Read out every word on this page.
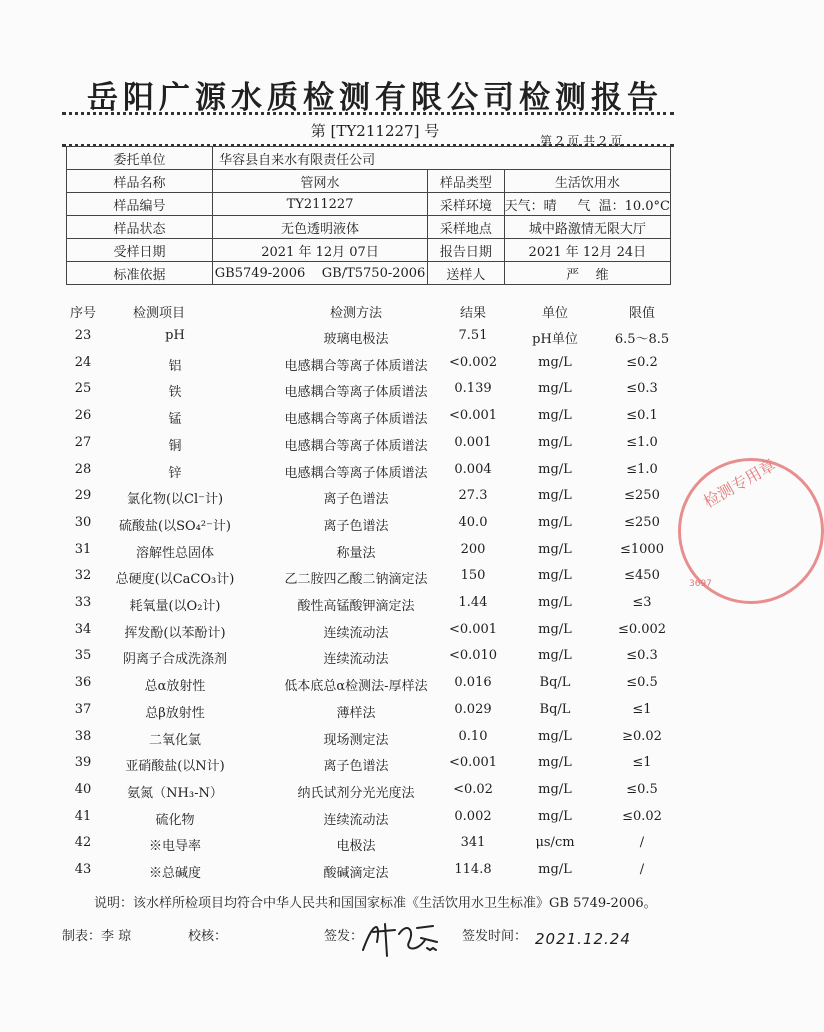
岳阳广源水质检测有限公司检测报告
第 [TY211227] 号
第 2 页 共 2 页
委托单位	华容县自来水有限责任公司		
样品名称	管网水	样品类型	生活饮用水
样品编号	TY211227	采样环境	天气：晴     气  温：10.0°C
样品状态	无色透明液体	采样地点	城中路激情无限大厅
受样日期	2021 年 12月 07日	报告日期	2021 年 12月 24日
标准依据	GB5749-2006    GB/T5750-2006	送样人	严    维
序号	检测项目	检测方法	结果	单位	限值
23	pH	玻璃电极法	7.51	pH单位	6.5～8.5
24	铝	电感耦合等离子体质谱法	<0.002	mg/L	≤0.2
25	铁	电感耦合等离子体质谱法	0.139	mg/L	≤0.3
26	锰	电感耦合等离子体质谱法	<0.001	mg/L	≤0.1
27	铜	电感耦合等离子体质谱法	0.001	mg/L	≤1.0
28	锌	电感耦合等离子体质谱法	0.004	mg/L	≤1.0
29	氯化物(以Cl⁻计)	离子色谱法	27.3	mg/L	≤250
30	硫酸盐(以SO₄²⁻计)	离子色谱法	40.0	mg/L	≤250
31	溶解性总固体	称量法	200	mg/L	≤1000
32	总硬度(以CaCO₃计)	乙二胺四乙酸二钠滴定法	150	mg/L	≤450
33	耗氧量(以O₂计)	酸性高锰酸钾滴定法	1.44	mg/L	≤3
34	挥发酚(以苯酚计)	连续流动法	<0.001	mg/L	≤0.002
35	阴离子合成洗涤剂	连续流动法	<0.010	mg/L	≤0.3
36	总α放射性	低本底总α检测法-厚样法	0.016	Bq/L	≤0.5
37	总β放射性	薄样法	0.029	Bq/L	≤1
38	二氧化氯	现场测定法	0.10	mg/L	≥0.02
39	亚硝酸盐(以N计)	离子色谱法	<0.001	mg/L	≤1
40	氨氮（NH₃-N）	纳氏试剂分光光度法	<0.02	mg/L	≤0.5
41	硫化物	连续流动法	0.002	mg/L	≤0.02
42	※电导率	电极法	341	μs/cm	/
43	※总碱度	酸碱滴定法	114.8	mg/L	/
说明：该水样所检项目均符合中华人民共和国国家标准《生活饮用水卫生标准》GB 5749-2006。
制表：李 琼	校核：	签发：	签发时间： 2021.12.24
检测专用章
3697
